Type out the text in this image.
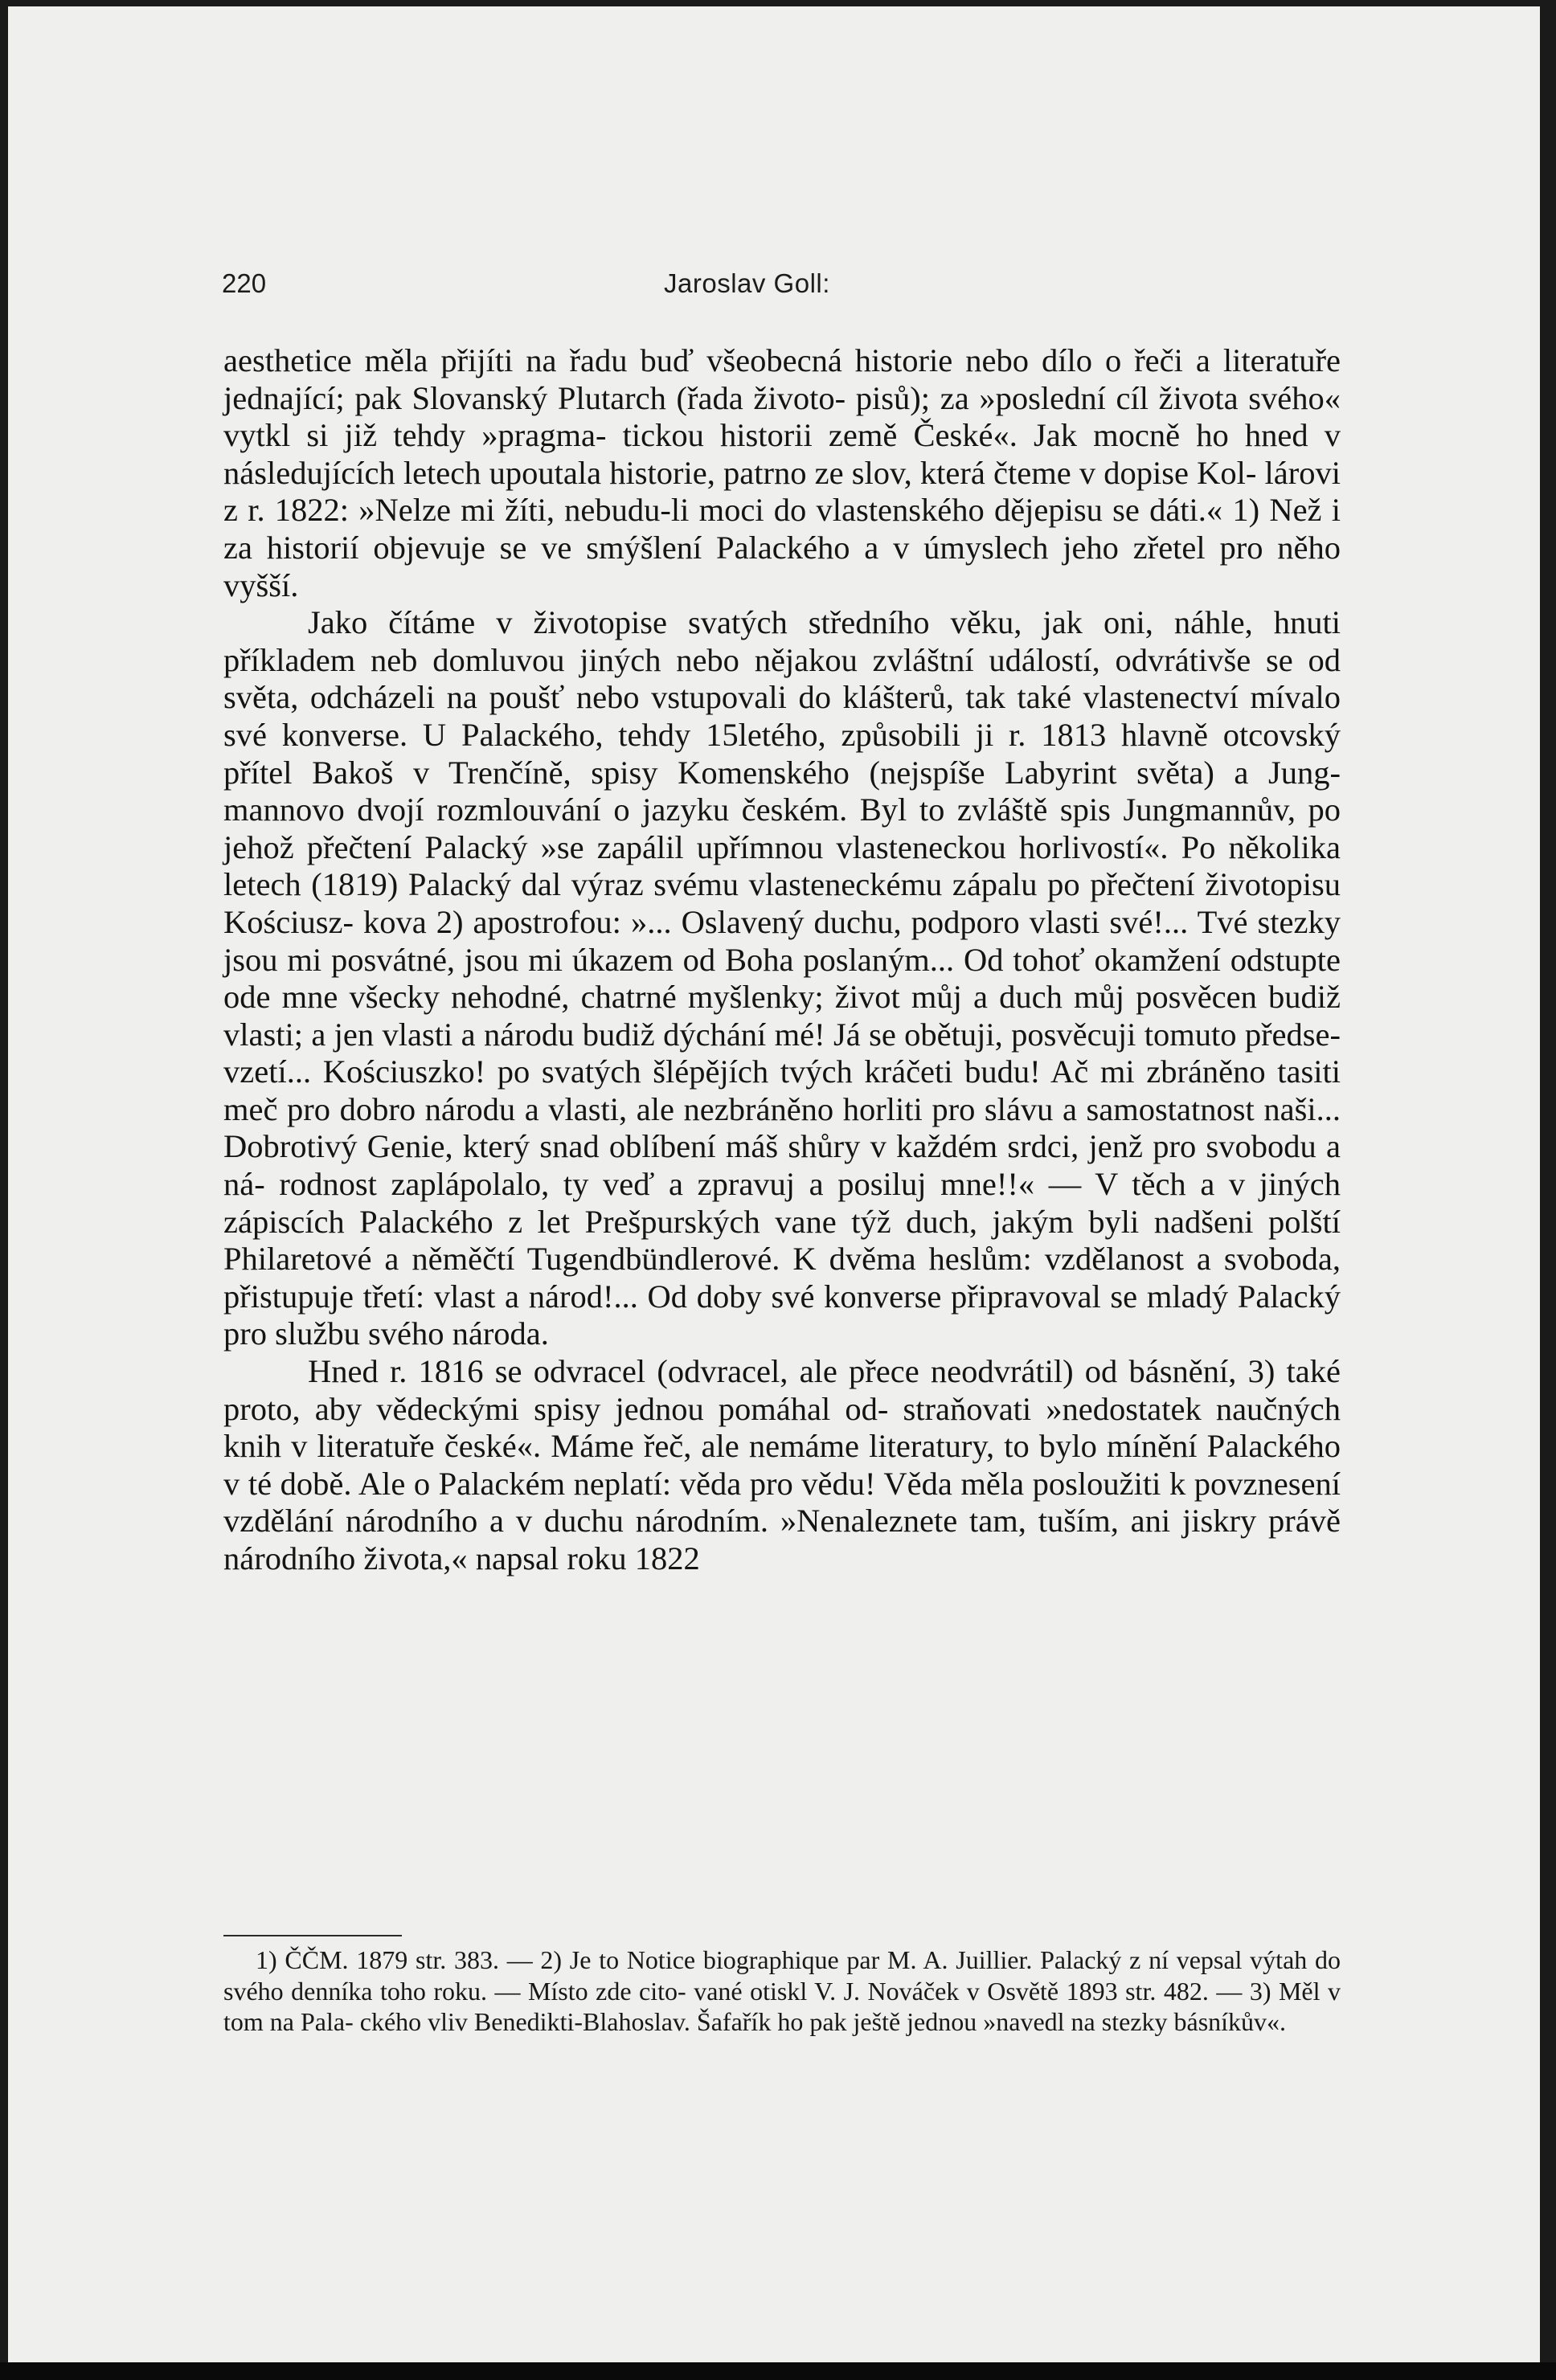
220	Jaroslav Goll:

aesthetice měla přijíti na řadu buď všeobecná historie nebo dílo o řeči a literatuře jednající; pak Slovanský Plutarch (řada životo- pisů); za »poslední cíl života svého« vytkl si již tehdy »pragma- tickou historii země České«. Jak mocně ho hned v následujících letech upoutala historie, patrno ze slov, která čteme v dopise Kol- lárovi z r. 1822: »Nelze mi žíti, nebudu-li moci do vlastenského dějepisu se dáti.« 1) Než i za historií objevuje se ve smýšlení Palackého a v úmyslech jeho zřetel pro něho vyšší.

Jako čítáme v životopise svatých středního věku, jak oni, náhle, hnuti příkladem neb domluvou jiných nebo nějakou zvláštní událostí, odvrátivše se od světa, odcházeli na poušť nebo vstupovali do klášterů, tak také vlastenectví mívalo své konverse. U Palackého, tehdy 15letého, způsobili ji r. 1813 hlavně otcovský přítel Bakoš v Trenčíně, spisy Komenského (nejspíše Labyrint světa) a Jung- mannovo dvojí rozmlouvání o jazyku českém. Byl to zvláště spis Jungmannův, po jehož přečtení Palacký »se zapálil upřímnou vlasteneckou horlivostí«. Po několika letech (1819) Palacký dal výraz svému vlasteneckému zápalu po přečtení životopisu Kościusz- kova 2) apostrofou: »... Oslavený duchu, podporo vlasti své!... Tvé stezky jsou mi posvátné, jsou mi úkazem od Boha poslaným... Od tohoť okamžení odstupte ode mne všecky nehodné, chatrné myšlenky; život můj a duch můj posvěcen budiž vlasti; a jen vlasti a národu budiž dýchání mé! Já se obětuji, posvěcuji tomuto předse- vzetí... Kościuszko! po svatých šlépějích tvých kráčeti budu! Ač mi zbráněno tasiti meč pro dobro národu a vlasti, ale nezbráněno horliti pro slávu a samostatnost naši... Dobrotivý Genie, který snad oblíbení máš shůry v každém srdci, jenž pro svobodu a ná- rodnost zaplápolalo, ty veď a zpravuj a posiluj mne!!« — V těch a v jiných zápiscích Palackého z let Prešpurských vane týž duch, jakým byli nadšeni polští Philaretové a něměčtí Tugendbündlerové. K dvěma heslům: vzdělanost a svoboda, přistupuje třetí: vlast a národ!... Od doby své konverse připravoval se mladý Palacký pro službu svého národa.

Hned r. 1816 se odvracel (odvracel, ale přece neodvrátil) od básnění, 3) také proto, aby vědeckými spisy jednou pomáhal od- straňovati »nedostatek naučných knih v literatuře české«. Máme řeč, ale nemáme literatury, to bylo mínění Palackého v té době. Ale o Palackém neplatí: věda pro vědu! Věda měla posloužiti k povznesení vzdělání národního a v duchu národním. »Nenaleznete tam, tuším, ani jiskry právě národního života,« napsal roku 1822

1) ČČM. 1879 str. 383. — 2) Je to Notice biographique par M. A. Juillier. Palacký z ní vepsal výtah do svého denníka toho roku. — Místo zde cito- vané otiskl V. J. Nováček v Osvětě 1893 str. 482. — 3) Měl v tom na Pala- ckého vliv Benedikti-Blahoslav. Šafařík ho pak ještě jednou »navedl na stezky básníkův«.
